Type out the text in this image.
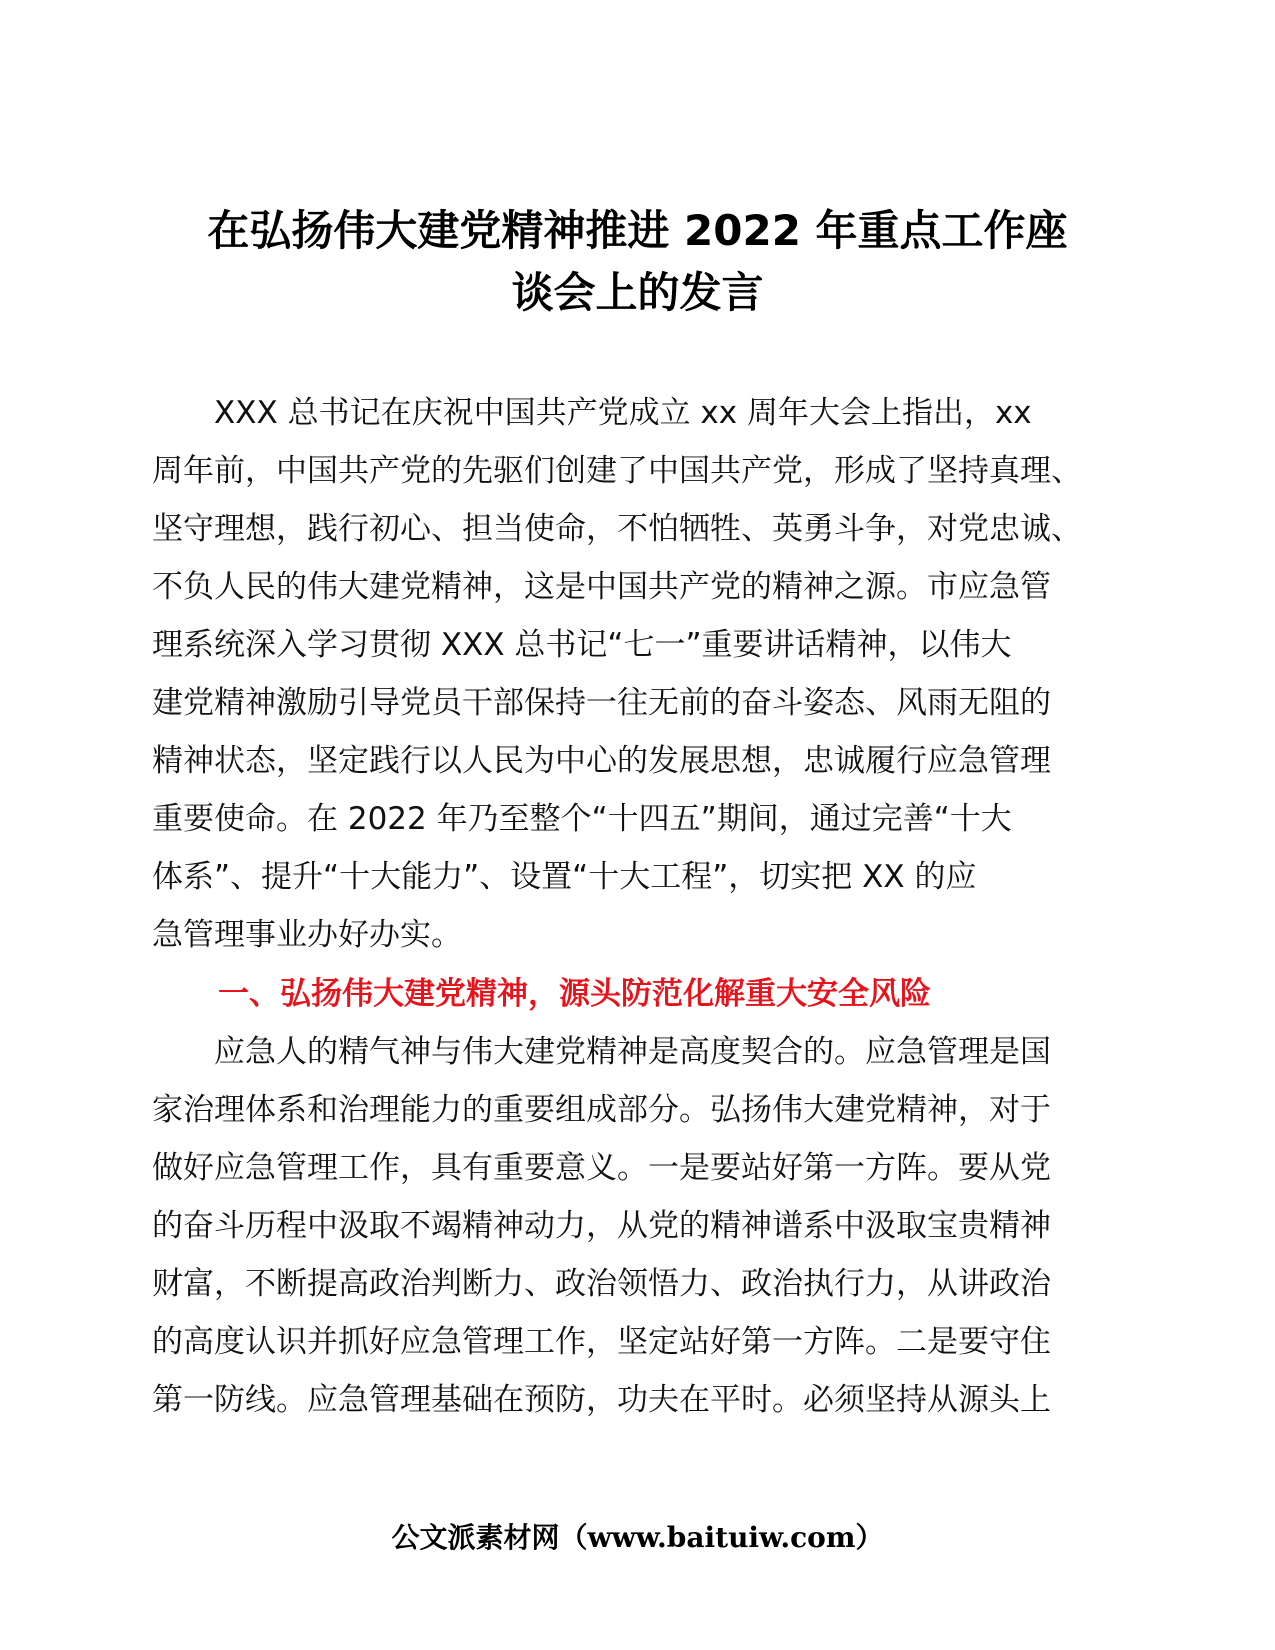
在弘扬伟大建党精神推进 2022 年重点工作座
谈会上的发言

　　XXX 总书记在庆祝中国共产党成立 xx 周年大会上指出，xx
周年前，中国共产党的先驱们创建了中国共产党，形成了坚持真理、
坚守理想，践行初心、担当使命，不怕牺牲、英勇斗争，对党忠诚、
不负人民的伟大建党精神，这是中国共产党的精神之源。市应急管
理系统深入学习贯彻 XXX 总书记“七一”重要讲话精神，以伟大
建党精神激励引导党员干部保持一往无前的奋斗姿态、风雨无阻的
精神状态，坚定践行以人民为中心的发展思想，忠诚履行应急管理
重要使命。在 2022 年乃至整个“十四五”期间，通过完善“十大
体系”、提升“十大能力”、设置“十大工程”，切实把 XX 的应
急管理事业办好办实。

一、弘扬伟大建党精神，源头防范化解重大安全风险

　　应急人的精气神与伟大建党精神是高度契合的。应急管理是国
家治理体系和治理能力的重要组成部分。弘扬伟大建党精神，对于
做好应急管理工作，具有重要意义。一是要站好第一方阵。要从党
的奋斗历程中汲取不竭精神动力，从党的精神谱系中汲取宝贵精神
财富，不断提高政治判断力、政治领悟力、政治执行力，从讲政治
的高度认识并抓好应急管理工作，坚定站好第一方阵。二是要守住
第一防线。应急管理基础在预防，功夫在平时。必须坚持从源头上

公文派素材网（www.baituiw.com）
